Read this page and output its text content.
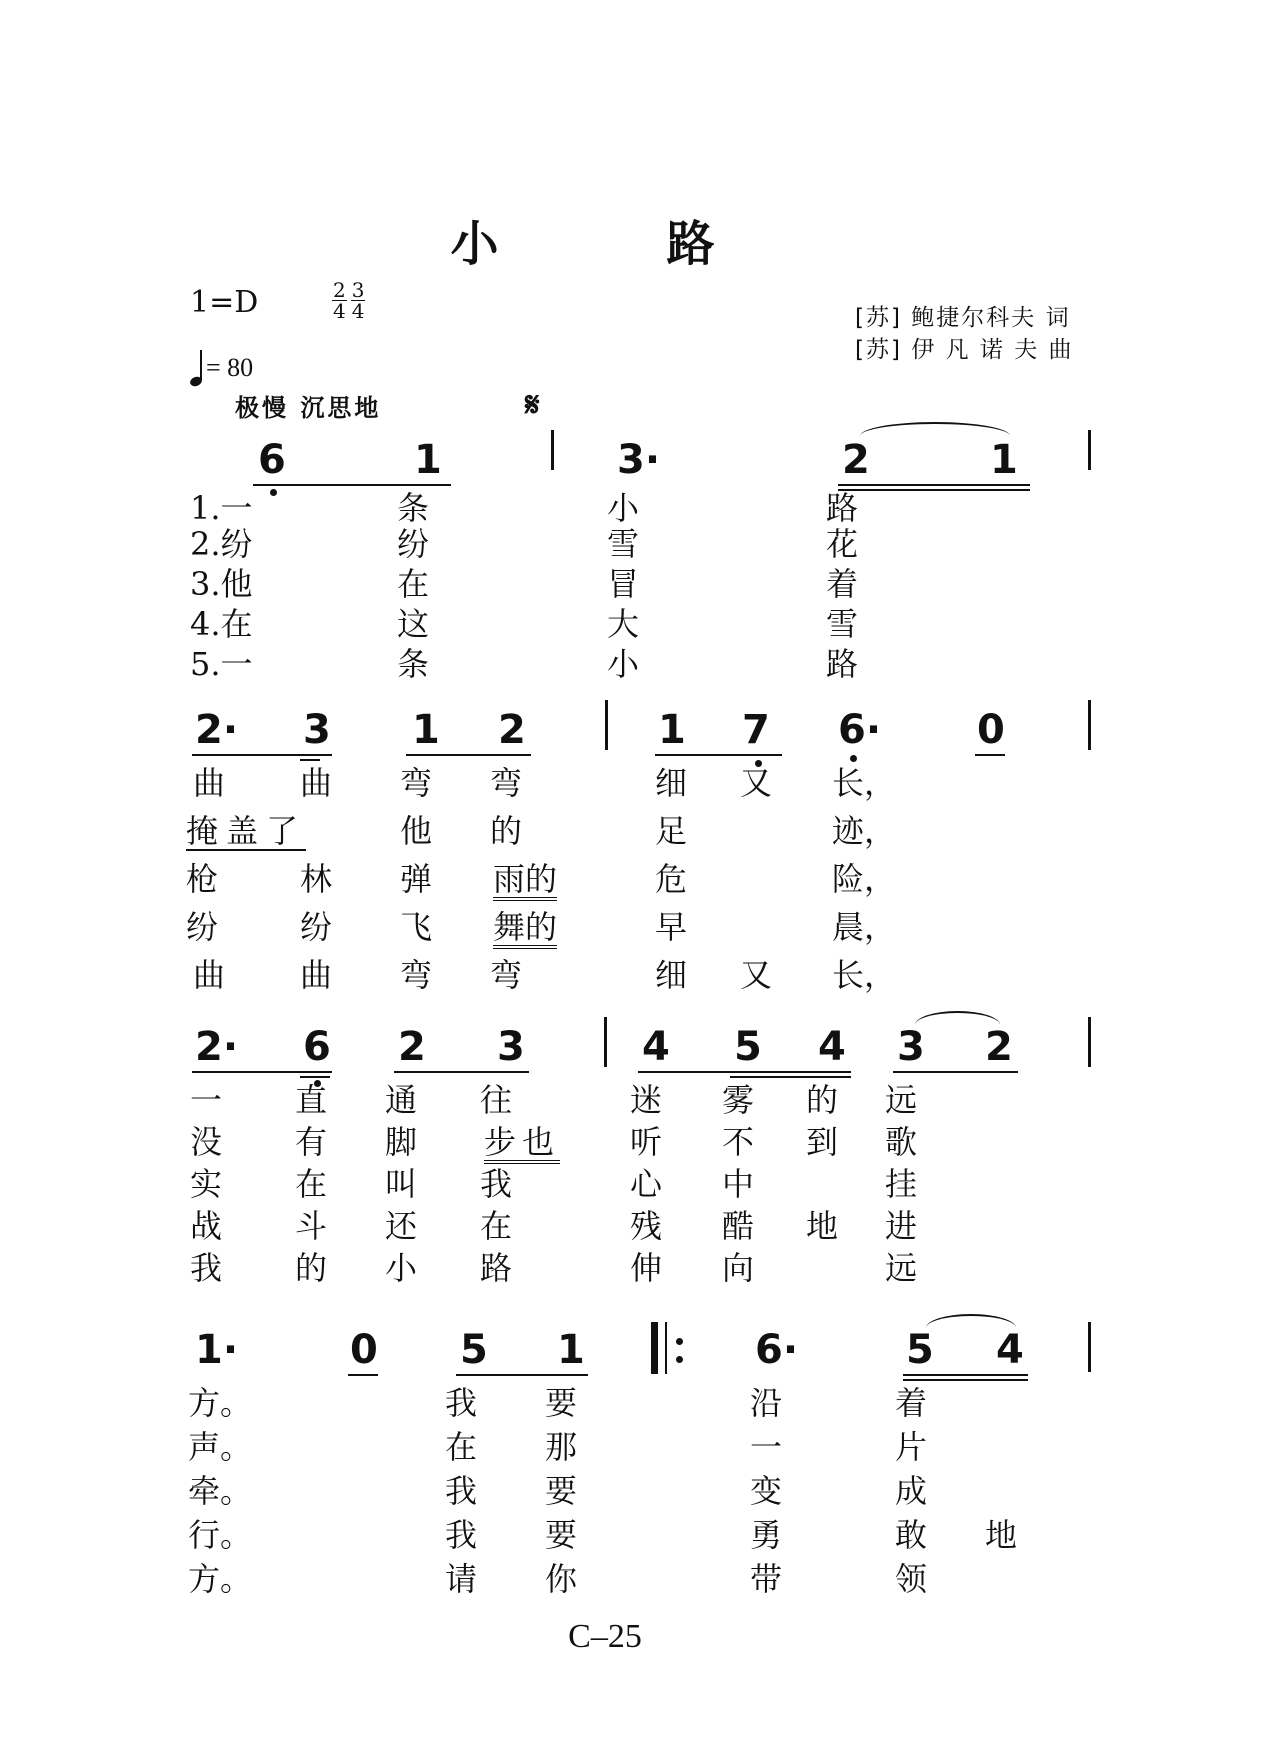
小　路
1=D	$\frac{2}{4} \frac{3}{4}$
= 80
极慢 沉思地	𝄋
[苏] 鲍捷尔科夫 词
[苏] 伊 凡 诺 夫 曲
6	1	3·	2	1
1.一	条	小	路
2.纷	纷	雪	花
3.他	在	冒	着
4.在	这	大	雪
5.一	条	小	路
2· 3 1 2	1 7 6· 0
曲 曲 弯 弯	细 又 长，
掩盖了	他 的	足	迹，
枪	林 弹 雨的	危	险，
纷	纷 飞 舞的	早	晨，
曲 曲 弯 弯	细 又 长，
2· 6 2 3	4 5 4 3 2
一 直 通 往	迷 雾 的 远
没 有 脚 步也 听 不 到 歌
实 在 叫 我	心 中	挂
战 斗 还 在	残 酷 地 进
我 的 小 路	伸 向	远
1·	0 5 1	6·	5 4
方。	我 要	沿	着
声。	在 那	一	片
牵。	我 要	变	成
行。	我 要	勇	敢 地
方。	请 你	带	领
C–25
